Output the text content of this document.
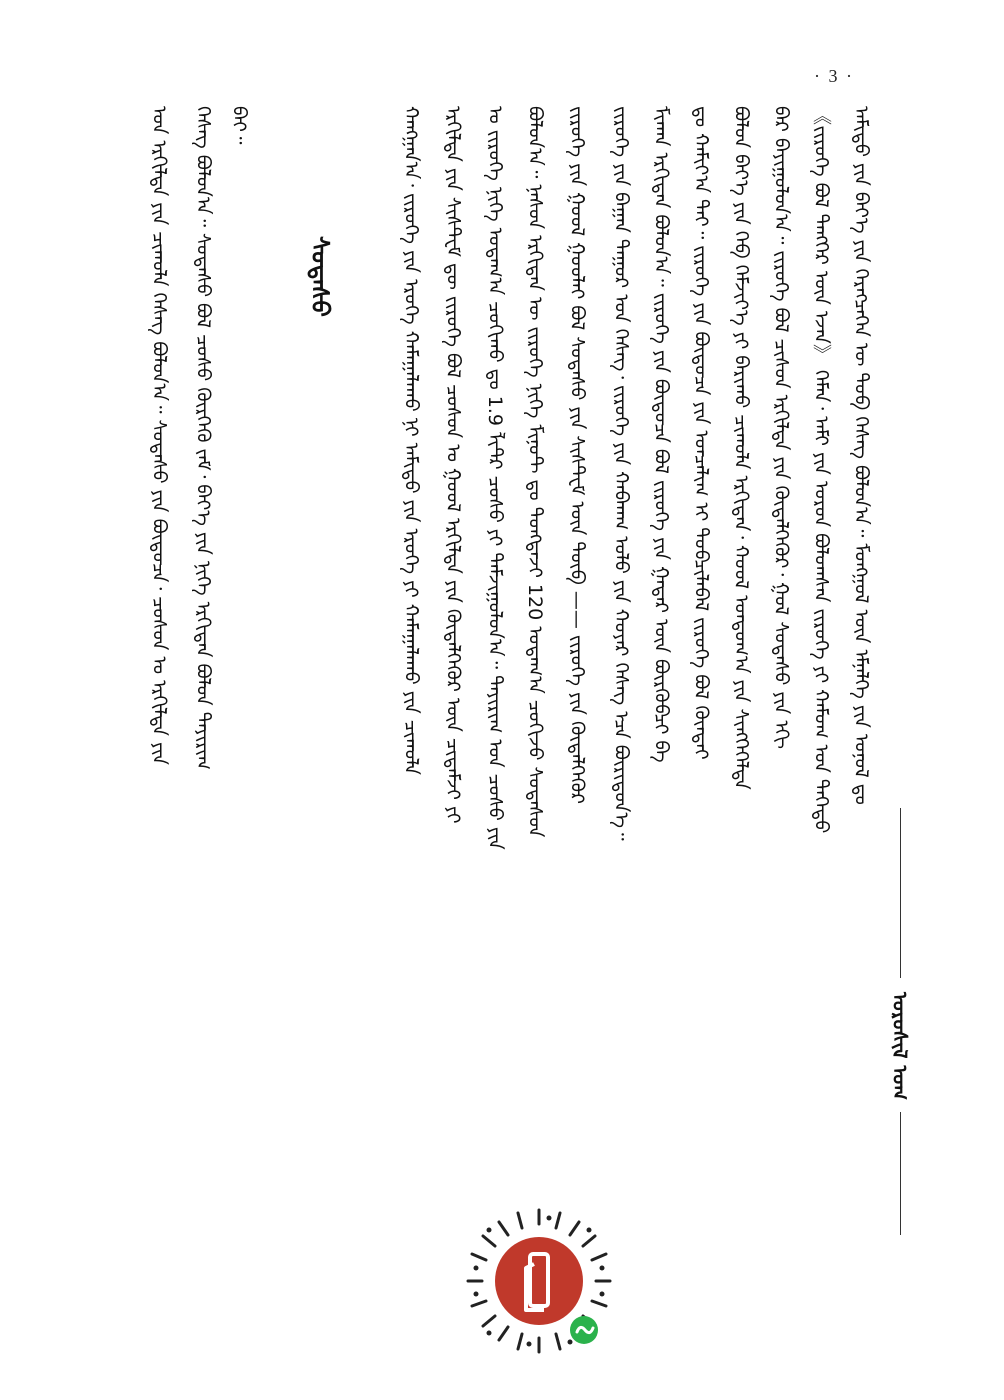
· 3 ·
ᠣᠷᠣᠰᠢᠯ ᠤᠭ
ᠠᠮᠢᠳᠤ ᠶᠢᠨ ᠪᠡᠶ᠎ᠡ ᠶᠢᠨ ᠬᠡᠷᠡᠭᠴᠡᠭᠡᠨ ᠦ ᠲᠣᠪ ᠬᠡᠰᠡᠭ ᠪᠣᠯᠣᠨ᠎ᠠ᠃ ᠮᠣᠩᠭᠣᠯ ᠦᠨ ᠡᠮᠨᠡᠯᠭᠡ ᠶᠢᠨ ᠣᠨᠣᠯ ᠳᠤ
《ᠵᠢᠷᠦᠬᠡ ᠪᠣᠯ ᠲᠡᠩᠭᠡᠷ ᠦᠨ ᠡᠵᠡᠨ》 ᠬᠡᠮᠡᠨ᠂ ᠠᠮᠢ ᠶᠢᠨ ᠣᠷᠣᠨ ᠪᠣᠯᠤᠭᠰᠠᠨ ᠵᠢᠷᠦᠬᠡ ᠶᠢ ᠬᠠᠮᠤᠭ ᠤᠨ ᠳᠡᠭᠡᠳᠦ
ᠪᠡᠷ ᠪᠠᠶᠢᠭᠤᠯᠤᠨ᠎ᠠ᠃ ᠵᠢᠷᠦᠬᠡ ᠪᠣᠯ ᠴᠢᠰᠤᠨ ᠡᠷᠭᠢᠯᠲᠡ ᠶᠢᠨ ᠬᠥᠳᠡᠯᠭᠡᠭᠦᠷ᠂ ᠭᠣᠯ ᠰᠤᠳᠠᠰᠤ ᠶᠢᠨ ᠡᠬᠢ
ᠪᠣᠯᠤᠨ ᠪᠡᠶ᠎ᠡ ᠶᠢᠨ ᠬᠡᠪ ᠬᠡᠮᠵᠢᠶ᠎ᠡ ᠶᠢ ᠪᠠᠷᠢᠬᠤ ᠴᠢᠬᠤᠯᠠ ᠡᠷᠬᠢᠲᠡᠨ᠂ ᠬᠣᠣᠯ ᠤᠨᠳᠤᠭ᠎ᠠ ᠶᠢᠨ ᠰᠢᠩᠭᠡᠭᠡᠯᠲᠡ
ᠳᠤ ᠬᠠᠮᠢᠶ᠎ᠠ ᠲᠠᠢ᠃ ᠵᠢᠷᠦᠬᠡ ᠶᠢᠨ ᠪᠦᠲᠦᠴᠡ ᠶᠢᠨ ᠣᠨᠴᠠᠯᠢᠭ ᠢ ᠲᠣᠪᠴᠢᠯᠠᠪᠠᠯ ᠵᠢᠷᠦᠬᠡ ᠪᠣᠯ ᠬᠥᠨᠳᠡᠢ
ᠮᠢᠬᠠᠨ ᠡᠷᠬᠢᠲᠡᠨ ᠪᠣᠯᠤᠨ᠎ᠠ᠃ ᠵᠢᠷᠦᠬᠡ ᠶᠢᠨ ᠪᠦᠲᠦᠴᠡ ᠪᠣᠯ ᠵᠢᠷᠦᠬᠡ ᠶᠢᠨ ᠭᠠᠳᠠᠷ ᠦᠨ ᠪᠦᠷᠬᠦᠪᠴᠢ ᠪᠠ
ᠵᠢᠷᠦᠬᠡ ᠶᠢᠨ ᠪᠠᠭᠠᠨ ᠳᠠᠭᠤᠷ ᠤᠨ ᠬᠡᠰᠡᠭ᠂ ᠵᠢᠷᠦᠬᠡ ᠶᠢᠨ ᠬᠠᠪᠬᠠᠭ ᠤᠯᠤ ᠶᠢᠨ ᠬᠣᠶᠠᠷ ᠬᠡᠰᠡᠭ ᠡᠴᠡ ᠪᠦᠷᠢᠳᠦᠨ᠎ᠡ᠃
ᠵᠢᠷᠦᠬᠡ ᠶᠢᠨ ᠭᠣᠣᠯ ᠭᠣᠣᠯᠠᠢ ᠪᠣᠯ ᠰᠤᠳᠠᠰᠤ ᠶᠢᠨ ᠰᠢᠰᠲᠧᠮ ᠦᠨ ᠲᠥᠪ —— ᠵᠢᠷᠦᠬᠡ ᠶᠢᠨ ᠬᠥᠳᠡᠯᠭᠡᠭᠦᠷ
ᠪᠣᠯᠤᠨ᠎ᠠ᠃ ᠨᠠᠰᠤᠨ ᠡᠷᠬᠢᠲᠡᠨ ᠦ ᠵᠢᠷᠦᠬᠡ ᠨᠢᠭᠡ ᠮᠢᠨᠦᠲ ᠳᠤ ᠳᠤᠩᠳᠠᠵᠢ 120 ᠤᠳᠠᠭ᠎ᠠ ᠴᠣᠬᠢᠵᠤ ᠰᠤᠳᠠᠰᠤᠨ
ᠤ ᠵᠢᠷᠦᠬᠡ ᠨᠢᠭᠡ ᠤᠳᠠᠭ᠎ᠠ ᠴᠣᠬᠢᠬᠤ ᠳᠤ 1.9 ᠯᠢᠲ᠋ᠷ ᠴᠤᠰᠤ ᠶᠢ ᠳᠠᠮᠵᠢᠭᠤᠯᠤᠨ᠎ᠠ᠃ ᠳᠠᠶᠢᠷᠢᠭ ᠤᠨ ᠴᠤᠰᠤ ᠶᠢᠨ
ᠡᠷᠭᠢᠯᠲᠡ ᠶᠢᠨ ᠰᠢᠰᠲᠧᠮ ᠳᠦ ᠵᠢᠷᠦᠬᠡ ᠪᠣᠯ ᠴᠤᠰᠤᠨ ᠤ ᠭᠣᠣᠯ ᠡᠷᠭᠢᠯᠲᠡ ᠶᠢᠨ ᠬᠥᠳᠡᠯᠭᠡᠭᠦᠷ ᠦᠨ ᠴᠢᠳᠠᠮᠵᠢ ᠶᠢ
ᠬᠠᠩᠭᠠᠨ᠎ᠠ᠂ ᠵᠢᠷᠦᠬᠡ ᠶᠢᠨ ᠡᠷᠦᠬᠡ ᠬᠠᠮᠠᠭᠠᠯᠠᠬᠤ ᠨᠢ ᠠᠮᠢᠳᠤ ᠶᠢᠨ ᠡᠷᠦᠬᠡ ᠶᠢ ᠬᠠᠮᠠᠭᠠᠯᠠᠬᠤ ᠶᠢᠨ ᠴᠢᠬᠤᠯᠠ
ᠰᠤᠳᠠᠰᠤ
ᠪᠠᠶ᠃
ᠬᠡᠰᠡᠭ ᠪᠣᠯᠤᠨ᠎ᠠ᠃ ᠰᠤᠳᠠᠰᠤ ᠪᠣᠯ ᠴᠤᠰᠤ ᠬᠦᠷᠭᠡᠬᠦ ᠵᠠᠮ᠂ ᠪᠡᠶ᠎ᠡ ᠶᠢᠨ ᠨᠢᠭᠡ ᠡᠷᠬᠢᠲᠡᠨ ᠪᠣᠯᠤᠨ ᠳᠠᠶᠢᠷᠢᠭ
ᠤᠨ ᠡᠷᠭᠢᠯᠲᠡ ᠶᠢᠨ ᠴᠢᠬᠤᠯᠠ ᠬᠡᠰᠡᠭ ᠪᠣᠯᠤᠨ᠎ᠠ᠃ ᠰᠤᠳᠠᠰᠤ ᠶᠢᠨ ᠪᠦᠲᠦᠴᠡ᠂ ᠴᠤᠰᠤᠨ ᠤ ᠡᠷᠭᠢᠯᠲᠡ ᠶᠢᠨ
